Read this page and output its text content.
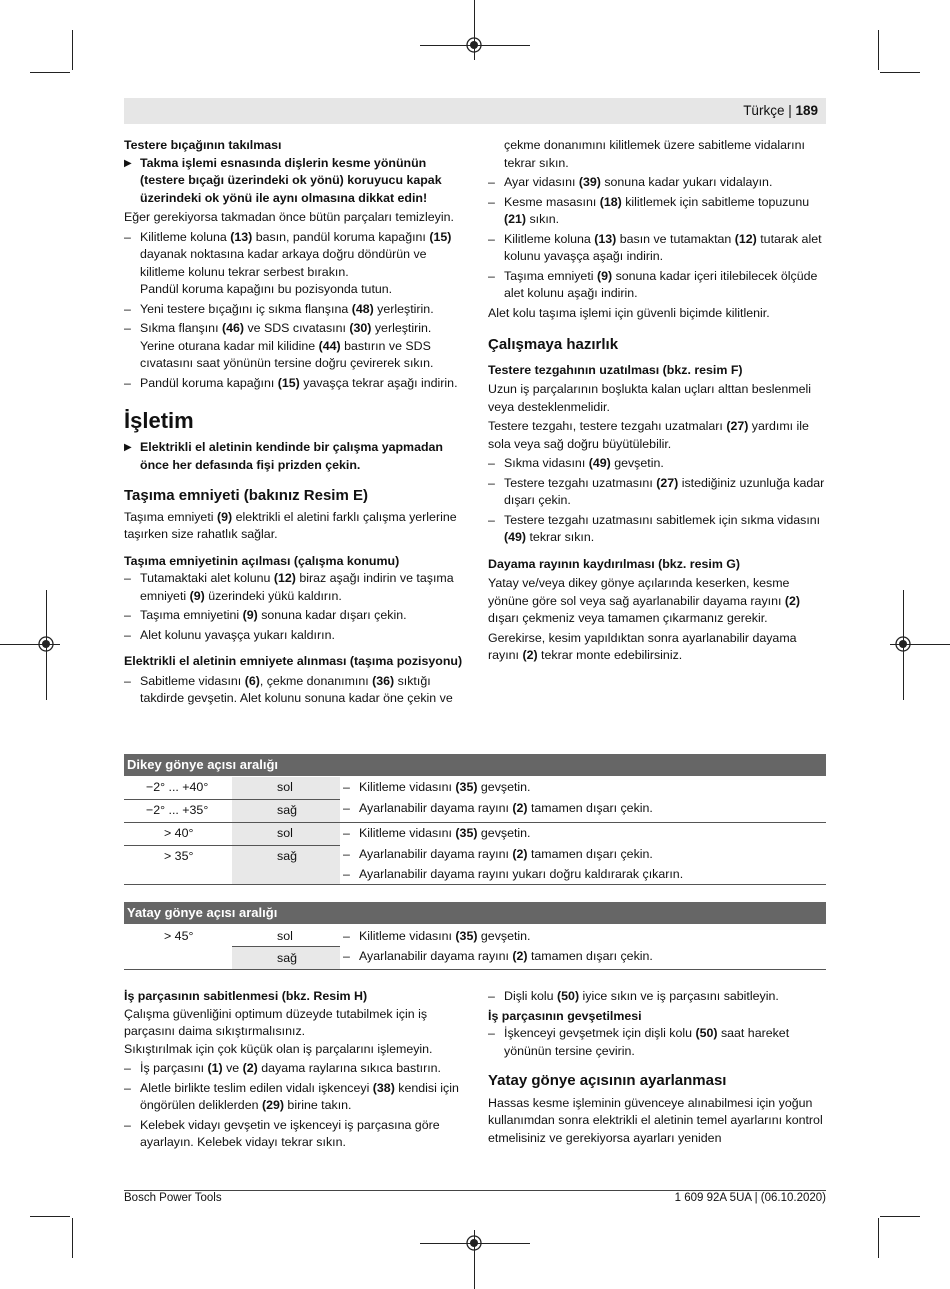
Türkçe | 189

Testere bıçağının takılması

▶ Takma işlemi esnasında dişlerin kesme yönünün (testere bıçağı üzerindeki ok yönü) koruyucu kapak üzerindeki ok yönü ile aynı olmasına dikkat edin!

Eğer gerekiyorsa takmadan önce bütün parçaları temizleyin.

– Kilitleme koluna (13) basın, pandül koruma kapağını (15) dayanak noktasına kadar arkaya doğru döndürün ve kilitleme kolunu tekrar serbest bırakın.

Pandül koruma kapağını bu pozisyonda tutun.

– Yeni testere bıçağını iç sıkma flanşına (48) yerleştirin.

– Sıkma flanşını (46) ve SDS cıvatasını (30) yerleştirin.

Yerine oturana kadar mil kilidine (44) bastırın ve SDS cıvatasını saat yönünün tersine doğru çevirerek sıkın.

– Pandül koruma kapağını (15) yavaşça tekrar aşağı indirin.

İşletim

▶ Elektrikli el aletinin kendinde bir çalışma yapmadan önce her defasında fişi prizden çekin.

Taşıma emniyeti (bakınız Resim E)

Taşıma emniyeti (9) elektrikli el aletini farklı çalışma yerlerine taşırken size rahatlık sağlar.

Taşıma emniyetinin açılması (çalışma konumu)

– Tutamaktaki alet kolunu (12) biraz aşağı indirin ve taşıma emniyeti (9) üzerindeki yükü kaldırın.

– Taşıma emniyetini (9) sonuna kadar dışarı çekin.

– Alet kolunu yavaşça yukarı kaldırın.

Elektrikli el aletinin emniyete alınması (taşıma pozisyonu)

– Sabitleme vidasını (6), çekme donanımını (36) sıktığı takdirde gevşetin. Alet kolunu sonuna kadar öne çekin ve

çekme donanımını kilitlemek üzere sabitleme vidalarını tekrar sıkın.

– Ayar vidasını (39) sonuna kadar yukarı vidalayın.

– Kesme masasını (18) kilitlemek için sabitleme topuzunu (21) sıkın.

– Kilitleme koluna (13) basın ve tutamaktan (12) tutarak alet kolunu yavaşça aşağı indirin.

– Taşıma emniyeti (9) sonuna kadar içeri itilebilecek ölçüde alet kolunu aşağı indirin.

Alet kolu taşıma işlemi için güvenli biçimde kilitlenir.

Çalışmaya hazırlık

Testere tezgahının uzatılması (bkz. resim F)

Uzun iş parçalarının boşlukta kalan uçları alttan beslenmeli veya desteklenmelidir.

Testere tezgahı, testere tezgahı uzatmaları (27) yardımı ile sola veya sağ doğru büyütülebilir.

– Sıkma vidasını (49) gevşetin.

– Testere tezgahı uzatmasını (27) istediğiniz uzunluğa kadar dışarı çekin.

– Testere tezgahı uzatmasını sabitlemek için sıkma vidasını (49) tekrar sıkın.

Dayama rayının kaydırılması (bkz. resim G)

Yatay ve/veya dikey gönye açılarında keserken, kesme yönüne göre sol veya sağ ayarlanabilir dayama rayını (2) dışarı çekmeniz veya tamamen çıkarmanız gerekir.

Gerekirse, kesim yapıldıktan sonra ayarlanabilir dayama rayını (2) tekrar monte edebilirsiniz.

Dikey gönye açısı aralığı
−2° ... +40°	sol	– Kilitleme vidasını (35) gevşetin.
−2° ... +35°	sağ	– Ayarlanabilir dayama rayını (2) tamamen dışarı çekin.
> 40°	sol	– Kilitleme vidasını (35) gevşetin.
> 35°	sağ	– Ayarlanabilir dayama rayını (2) tamamen dışarı çekin.
– Ayarlanabilir dayama rayını yukarı doğru kaldırarak çıkarın.
Yatay gönye açısı aralığı
> 45°	sol	– Kilitleme vidasını (35) gevşetin.
sağ	– Ayarlanabilir dayama rayını (2) tamamen dışarı çekin.

İş parçasının sabitlenmesi (bkz. Resim H)

Çalışma güvenliğini optimum düzeyde tutabilmek için iş parçasını daima sıkıştırmalısınız.

Sıkıştırılmak için çok küçük olan iş parçalarını işlemeyin.

– İş parçasını (1) ve (2) dayama raylarına sıkıca bastırın.

– Aletle birlikte teslim edilen vidalı işkenceyi (38) kendisi için öngörülen deliklerden (29) birine takın.

– Kelebek vidayı gevşetin ve işkenceyi iş parçasına göre ayarlayın. Kelebek vidayı tekrar sıkın.

– Dişli kolu (50) iyice sıkın ve iş parçasını sabitleyin.

İş parçasının gevşetilmesi

– İşkenceyi gevşetmek için dişli kolu (50) saat hareket yönünün tersine çevirin.

Yatay gönye açısının ayarlanması

Hassas kesme işleminin güvenceye alınabilmesi için yoğun kullanımdan sonra elektrikli el aletinin temel ayarlarını kontrol etmelisiniz ve gerekiyorsa ayarları yeniden

Bosch Power Tools	1 609 92A 5UA | (06.10.2020)
